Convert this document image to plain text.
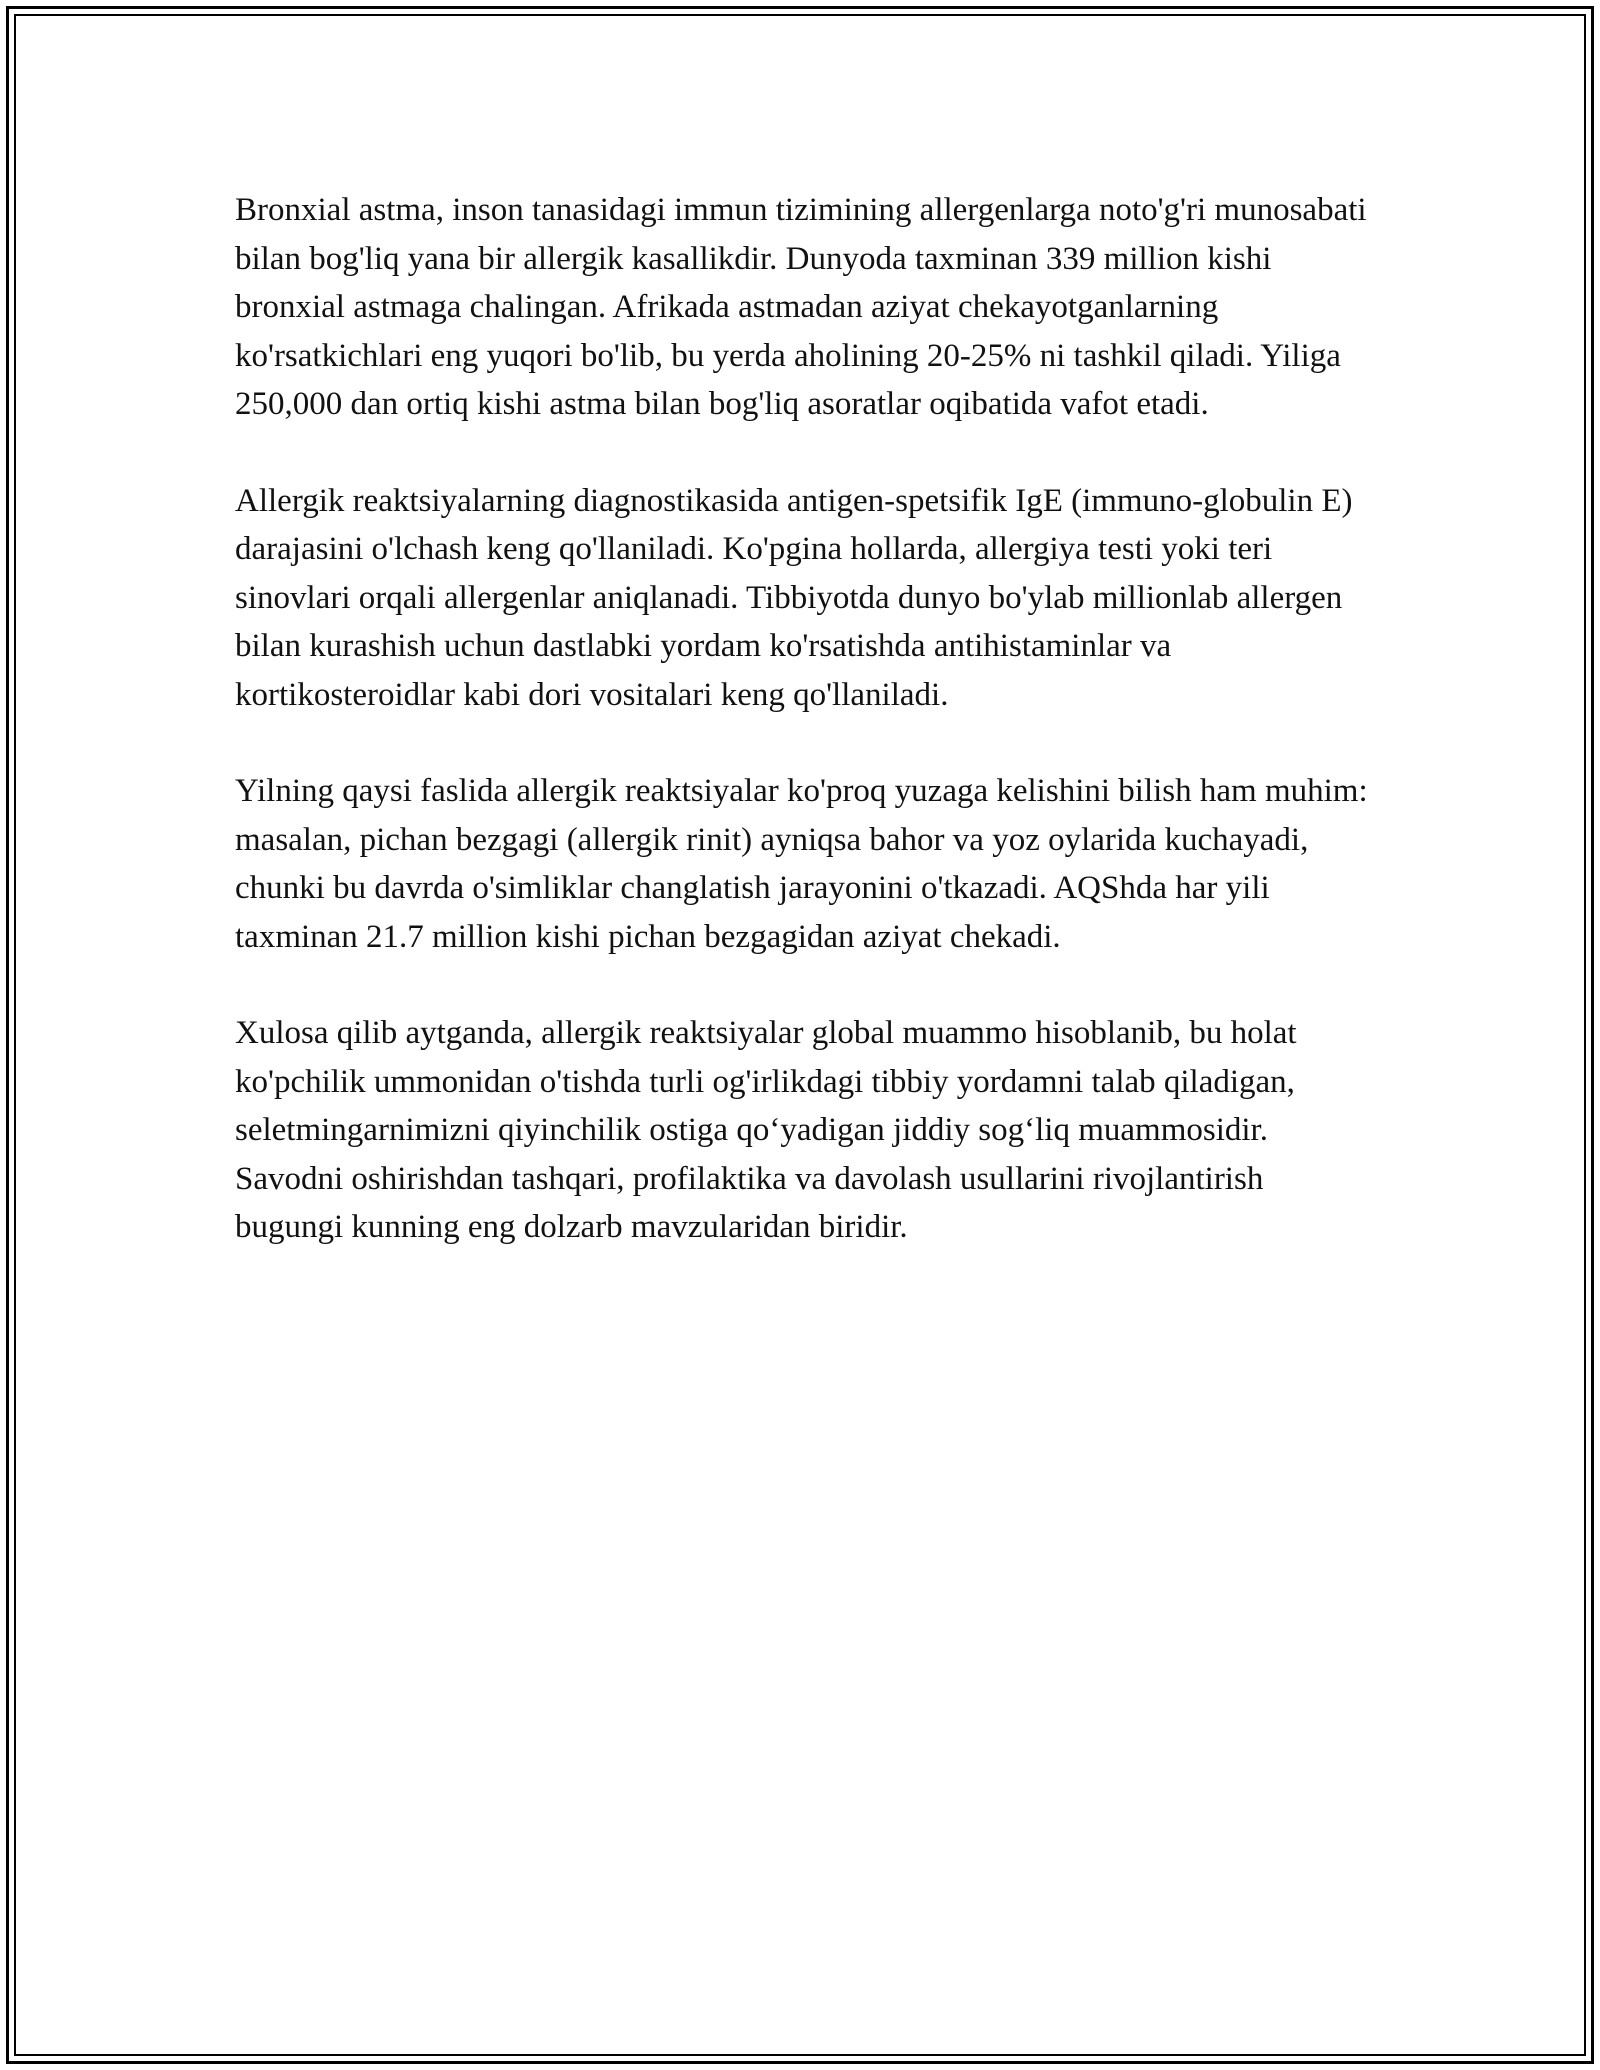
Bronxial astma, inson tanasidagi immun tizimining allergenlarga noto'g'ri munosabati bilan bog'liq yana bir allergik kasallikdir. Dunyoda taxminan 339 million kishi bronxial astmaga chalingan. Afrikada astmadan aziyat chekayotganlarning ko'rsatkichlari eng yuqori bo'lib, bu yerda aholining 20-25% ni tashkil qiladi. Yiliga 250,000 dan ortiq kishi astma bilan bog'liq asoratlar oqibatida vafot etadi.

Allergik reaktsiyalarning diagnostikasida antigen-spetsifik IgE (immuno-globulin E) darajasini o'lchash keng qo'llaniladi. Ko'pgina hollarda, allergiya testi yoki teri sinovlari orqali allergenlar aniqlanadi. Tibbiyotda dunyo bo'ylab millionlab allergen bilan kurashish uchun dastlabki yordam ko'rsatishda antihistaminlar va kortikosteroidlar kabi dori vositalari keng qo'llaniladi.

Yilning qaysi faslida allergik reaktsiyalar ko'proq yuzaga kelishini bilish ham muhim: masalan, pichan bezgagi (allergik rinit) ayniqsa bahor va yoz oylarida kuchayadi, chunki bu davrda o'simliklar changlatish jarayonini o'tkazadi. AQShda har yili taxminan 21.7 million kishi pichan bezgagidan aziyat chekadi.

Xulosa qilib aytganda, allergik reaktsiyalar global muammo hisoblanib, bu holat ko'pchilik ummonidan o'tishda turli og'irlikdagi tibbiy yordamni talab qiladigan, seletmingarnimizni qiyinchilik ostiga qo‘yadigan jiddiy sog‘liq muammosidir. Savodni oshirishdan tashqari, profilaktika va davolash usullarini rivojlantirish bugungi kunning eng dolzarb mavzularidan biridir.
